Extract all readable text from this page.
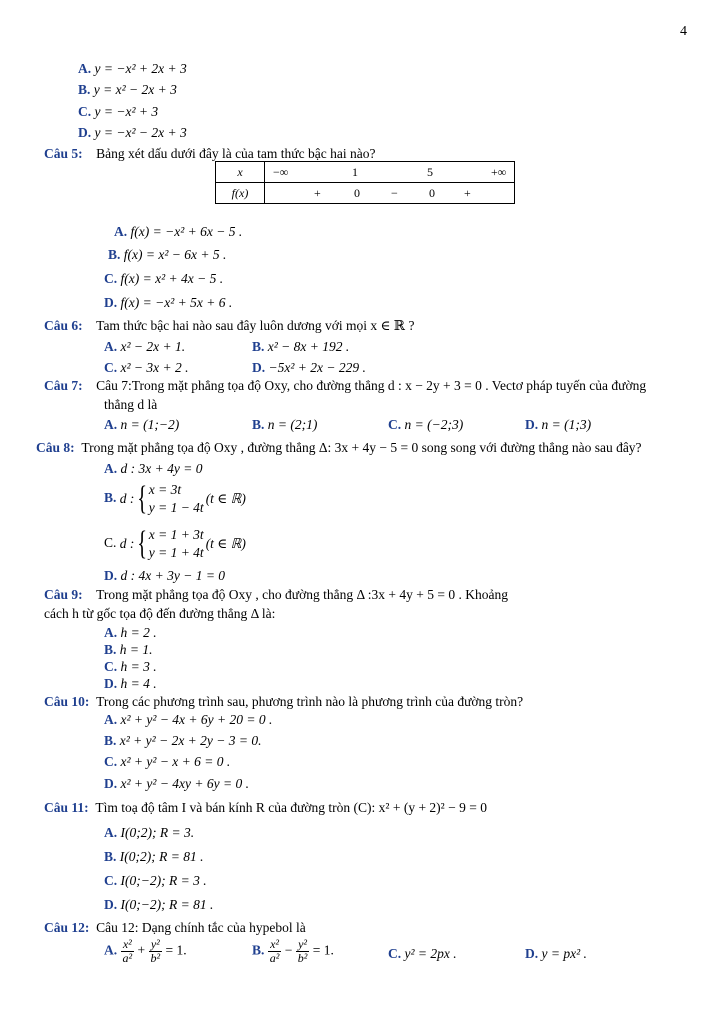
4
A. y = −x² + 2x + 3
B. y = x² − 2x + 3
C. y = −x² + 3
D. y = −x² − 2x + 3
Câu 5: Bảng xét dấu dưới đây là của tam thức bậc hai nào?
x	−∞ 1 5 +∞

f(x)	+ 0 − 0 +
A. f(x) = −x² + 6x − 5 .
B. f(x) = x² − 6x + 5 .
C. f(x) = x² + 4x − 5 .
D. f(x) = −x² + 5x + 6 .
Câu 6: Tam thức bậc hai nào sau đây luôn dương với mọi x ∈ ℝ ?
A. x² − 2x + 1.	B. x² − 8x + 192 .
C. x² − 3x + 2 .	D. −5x² + 2x − 229 .
Câu 7: Câu 7:Trong mặt phẳng tọa độ Oxy, cho đường thẳng d : x − 2y + 3 = 0 . Vectơ pháp tuyến của đường
thẳng d là
A. n = (1;−2)	B. n = (2;1)	C. n = (−2;3)	D. n = (1;3)
Câu 8: Trong mặt phẳng tọa độ Oxy , đường thẳng Δ: 3x + 4y − 5 = 0 song song với đường thẳng nào sau đây?
A. d : 3x + 4y = 0
B. d : { x = 3t
y = 1 − 4t
(t ∈ ℝ)
C. d : { x = 1 + 3t
y = 1 + 4t
(t ∈ ℝ)
D. d : 4x + 3y − 1 = 0
Câu 9: Trong mặt phẳng tọa độ Oxy , cho đường thẳng Δ :3x + 4y + 5 = 0 . Khoảng
cách h từ gốc tọa độ đến đường thẳng Δ là:
A. h = 2 .
B. h = 1.
C. h = 3 .
D. h = 4 .
Câu 10: Trong các phương trình sau, phương trình nào là phương trình của đường tròn?
A. x² + y² − 4x + 6y + 20 = 0 .
B. x² + y² − 2x + 2y − 3 = 0.
C. x² + y² − x + 6 = 0 .
D. x² + y² − 4xy + 6y = 0 .
Câu 11: Tìm toạ độ tâm I và bán kính R của đường tròn (C): x² + (y + 2)² − 9 = 0
A. I(0;2); R = 3.
B. I(0;2); R = 81 .
C. I(0;−2); R = 3 .
D. I(0;−2); R = 81 .
Câu 12: Câu 12: Dạng chính tắc của hypebol là
A. $\frac{\text{x²}}{\text{a²}} + \frac{\text{y²}}{\text{b²}} = 1$.	B. $\frac{\text{x²}}{\text{a²}} - \frac{\text{y²}}{\text{b²}} = 1$.	C. y² = 2px .	D. y = px² .
